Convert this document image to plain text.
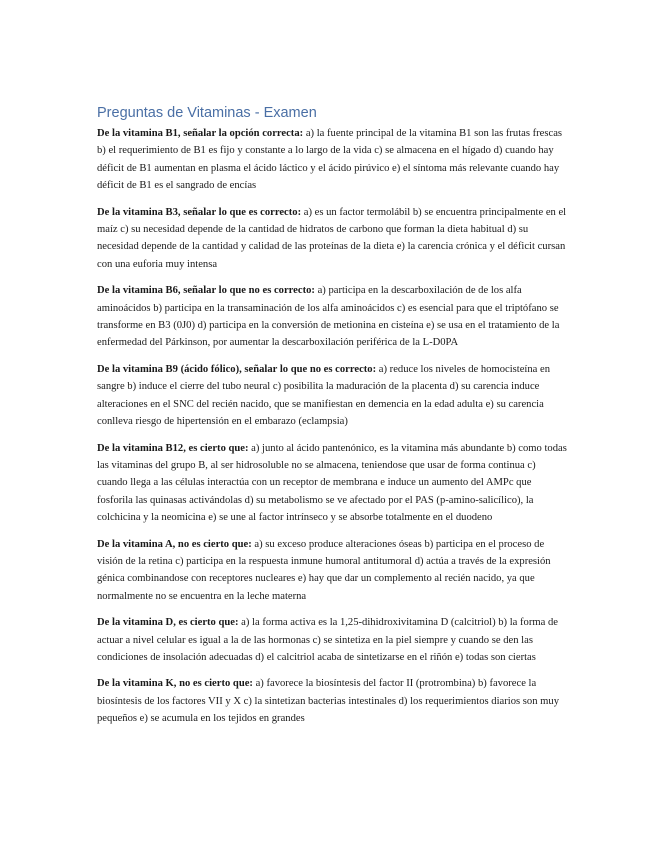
Preguntas de Vitaminas - Examen

De la vitamina B1, señalar la opción correcta: a) la fuente principal de la vitamina B1 son las frutas frescas b) el requerimiento de B1 es fijo y constante a lo largo de la vida c) se almacena en el hígado d) cuando hay déficit de B1 aumentan en plasma el ácido láctico y el ácido pirúvico e) el síntoma más relevante cuando hay déficit de B1 es el sangrado de encías

De la vitamina B3, señalar lo que es correcto: a) es un factor termolábil b) se encuentra principalmente en el maíz c) su necesidad depende de la cantidad de hidratos de carbono que forman la dieta habitual d) su necesidad depende de la cantidad y calidad de las proteínas de la dieta e) la carencia crónica y el déficit cursan con una euforia muy intensa

De la vitamina B6, señalar lo que no es correcto: a) participa en la descarboxilación de de los alfa aminoácidos b) participa en la transaminación de los alfa aminoácidos c) es esencial para que el triptófano se transforme en B3 (0J0) d) participa en la conversión de metionina en cisteína e) se usa en el tratamiento de la enfermedad del Párkinson, por aumentar la descarboxilación periférica de la L-D0PA

De la vitamina B9 (ácido fólico), señalar lo que no es correcto: a) reduce los niveles de homocisteína en sangre b) induce el cierre del tubo neural c) posibilita la maduración de la placenta d) su carencia induce alteraciones en el SNC del recién nacido, que se manifiestan en demencia en la edad adulta e) su carencia conlleva riesgo de hipertensión en el embarazo (eclampsia)

De la vitamina B12, es cierto que: a) junto al ácido pantenónico, es la vitamina más abundante b) como todas las vitaminas del grupo B, al ser hidrosoluble no se almacena, teniendose que usar de forma continua c) cuando llega a las células interactúa con un receptor de membrana e induce un aumento del AMPc que fosforila las quinasas activándolas d) su metabolismo se ve afectado por el PAS (p-amino-salicílico), la colchicina y la neomicina e) se une al factor intrínseco y se absorbe totalmente en el duodeno

De la vitamina A, no es cierto que: a) su exceso produce alteraciones óseas b) participa en el proceso de visión de la retina c) participa en la respuesta inmune humoral antitumoral d) actúa a través de la expresión génica combinandose con receptores nucleares e) hay que dar un complemento al recién nacido, ya que normalmente no se encuentra en la leche materna

De la vitamina D, es cierto que: a) la forma activa es la 1,25-dihidroxivitamina D (calcitriol) b) la forma de actuar a nivel celular es igual a la de las hormonas c) se sintetiza en la piel siempre y cuando se den las condiciones de insolación adecuadas d) el calcitriol acaba de sintetizarse en el riñón e) todas son ciertas

De la vitamina K, no es cierto que: a) favorece la biosíntesis del factor II (protrombina) b) favorece la biosíntesis de los factores VII y X c) la sintetizan bacterias intestinales d) los requerimientos diarios son muy pequeños e) se acumula en los tejidos en grandes
